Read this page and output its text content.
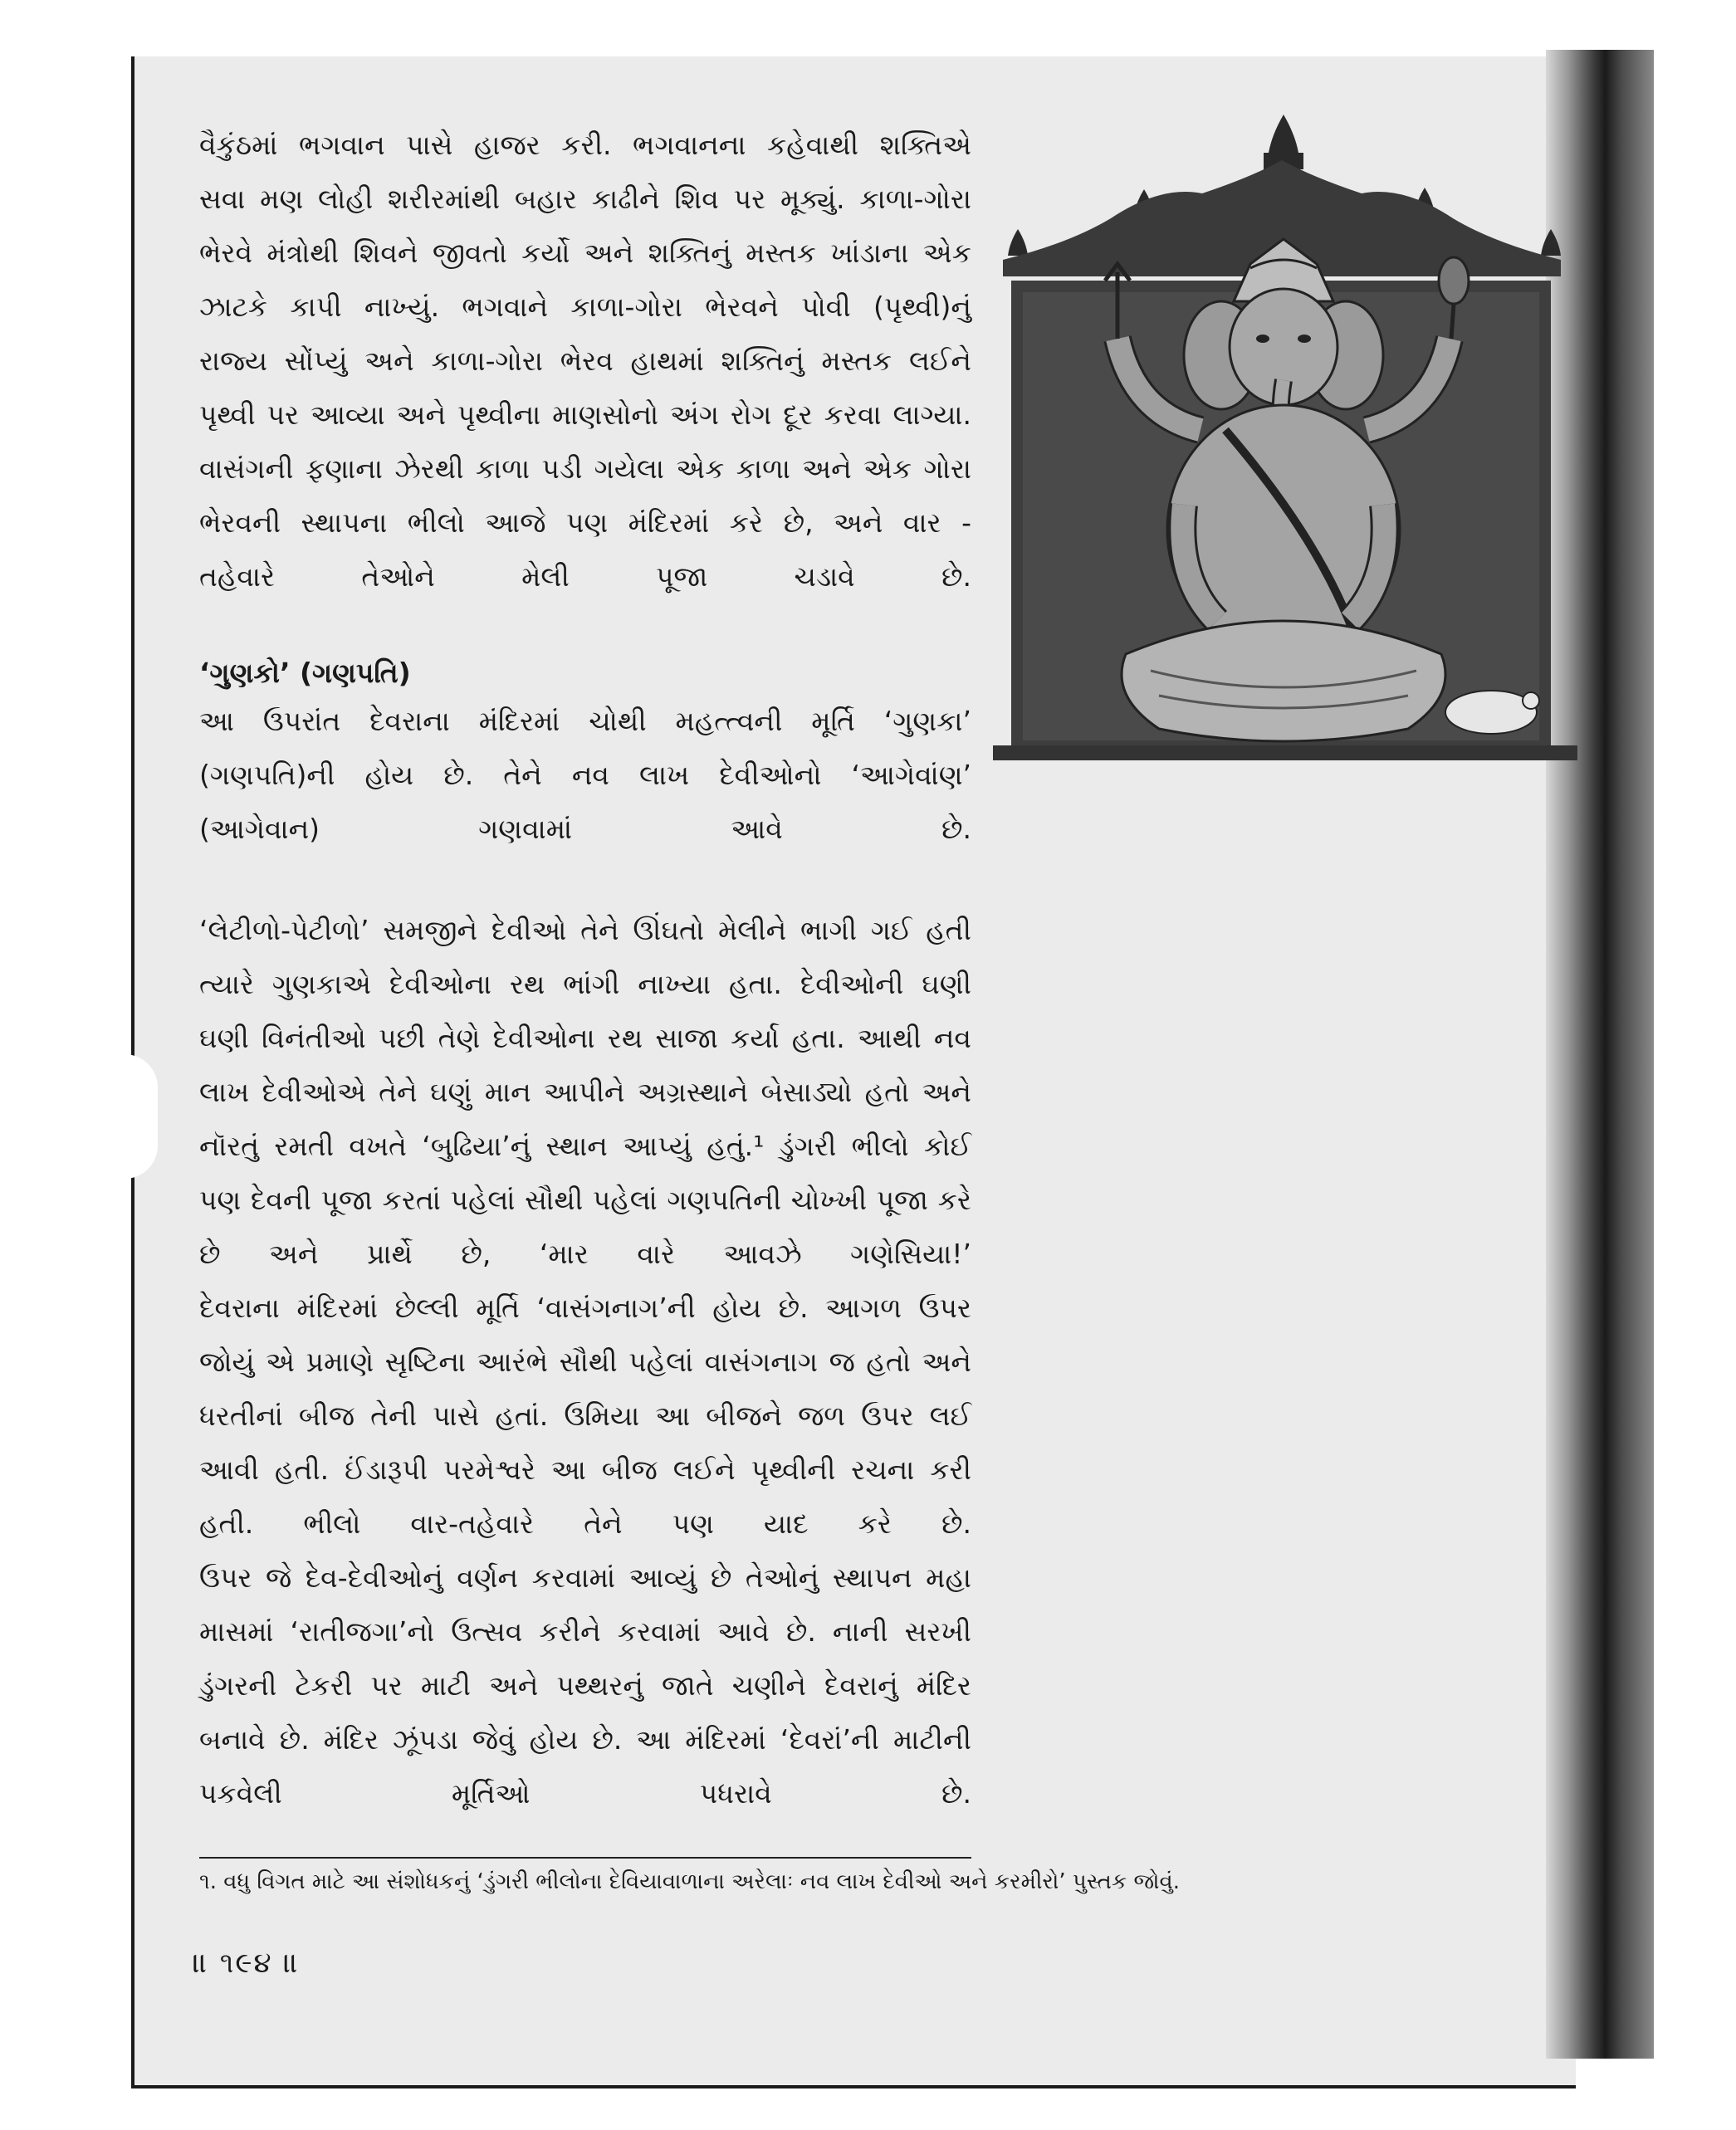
વૈકુંઠમાં ભગવાન પાસે હાજર કરી. ભગવાનના કહેવાથી શક્તિએ
સવા મણ લોહી શરીરમાંથી બહાર કાઢીને શિવ પર મૂક્યું. કાળા-ગોરા
ભેરવે મંત્રોથી શિવને જીવતો કર્યો અને શક્તિનું મસ્તક ખાંડાના એક
ઝાટકે કાપી નાખ્યું. ભગવાને કાળા-ગોરા ભેરવને પોવી (પૃથ્વી)નું
રાજ્ય સોંપ્યું અને કાળા-ગોરા ભેરવ હાથમાં શક્તિનું મસ્તક લઈને
પૃથ્વી પર આવ્યા અને પૃથ્વીના માણસોનો અંગ રોગ દૂર કરવા લાગ્યા.
વાસંગની ફણાના ઝેરથી કાળા પડી ગયેલા એક કાળા અને એક ગોરા
ભેરવની સ્થાપના ભીલો આજે પણ મંદિરમાં કરે છે, અને વાર -
તહેવારે તેઓને મેલી પૂજા ચડાવે છે.
‘ગુણકો’ (ગણપતિ)
આ ઉપરાંત દેવરાના મંદિરમાં ચોથી મહત્ત્વની મૂર્તિ ‘ગુણકા’
(ગણપતિ)ની હોય છે. તેને નવ લાખ દેવીઓનો ‘આગેવાંણ’
(આગેવાન) ગણવામાં આવે છે.
‘લેટીળો-પેટીળો’ સમજીને દેવીઓ તેને ઊંઘતો મેલીને ભાગી ગઈ હતી
ત્યારે ગુણકાએ દેવીઓના રથ ભાંગી નાખ્યા હતા. દેવીઓની ઘણી
ઘણી વિનંતીઓ પછી તેણે દેવીઓના રથ સાજા કર્યા હતા. આથી નવ
લાખ દેવીઓએ તેને ઘણું માન આપીને અગ્રસ્થાને બેસાડ્યો હતો અને
નૉરતું રમતી વખતે ‘બુઢિયા’નું સ્થાન આપ્યું હતું.¹ ડુંગરી ભીલો કોઈ
પણ દેવની પૂજા કરતાં પહેલાં સૌથી પહેલાં ગણપતિની ચોખ્ખી પૂજા કરે
છે અને પ્રાર્થે છે, ‘માર વારે આવઝે ગણેસિયા!’
દેવરાના મંદિરમાં છેલ્લી મૂર્તિ ‘વાસંગનાગ’ની હોય છે. આગળ ઉપર
જોયું એ પ્રમાણે સૃષ્ટિના આરંભે સૌથી પહેલાં વાસંગનાગ જ હતો અને
ધરતીનાં બીજ તેની પાસે હતાં. ઉમિયા આ બીજને જળ ઉપર લઈ
આવી હતી. ઈંડારૂપી પરમેશ્વરે આ બીજ લઈને પૃથ્વીની રચના કરી
હતી. ભીલો વાર-તહેવારે તેને પણ યાદ કરે છે.
ઉપર જે દેવ-દેવીઓનું વર્ણન કરવામાં આવ્યું છે તેઓનું સ્થાપન મહા
માસમાં ‘રાતીજગા’નો ઉત્સવ કરીને કરવામાં આવે છે. નાની સરખી
ડુંગરની ટેકરી પર માટી અને પથ્થરનું જાતે ચણીને દેવરાનું મંદિર
બનાવે છે. મંદિર ઝૂંપડા જેવું હોય છે. આ મંદિરમાં ‘દેવરાં’ની માટીની
પકવેલી મૂર્તિઓ પધરાવે છે.
૧. વધુ વિગત માટે આ સંશોધકનું ‘ડુંગરી ભીલોના દેવિયાવાળાના અરેલાઃ નવ લાખ દેવીઓ અને કરમીરો’ પુસ્તક જોવું.
॥ ૧૯૪ ॥
